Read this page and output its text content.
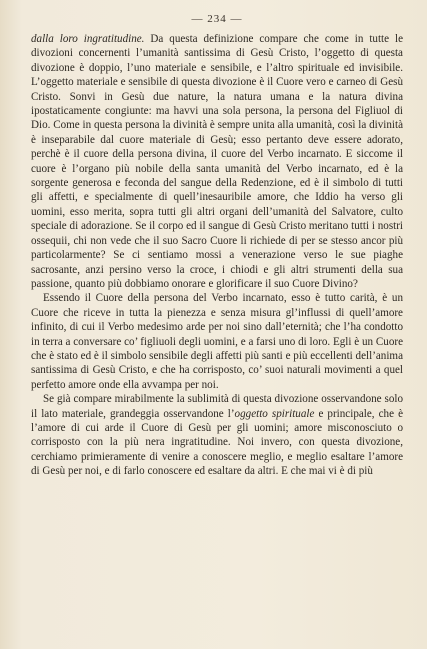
— 234 —

dalla loro ingratitudine. Da questa definizione compare che come in tutte le divozioni concernenti l’umanità santissima di Gesù Cristo, l’oggetto di questa divozione è doppio, l’uno materiale e sensibile, e l’altro spirituale ed invisibile. L’oggetto materiale e sensibile di questa divozione è il Cuore vero e carneo di Gesù Cristo. Sonvi in Gesù due nature, la natura umana e la natura divina ipostaticamente congiunte: ma havvi una sola persona, la persona del Figliuol di Dio. Come in questa persona la divinità è sempre unita alla umanità, così la divinità è inseparabile dal cuore materiale di Gesù; esso pertanto deve essere adorato, perchè è il cuore della persona divina, il cuore del Verbo incarnato. E siccome il cuore è l’organo più nobile della santa umanità del Verbo incarnato, ed è la sorgente generosa e feconda del sangue della Redenzione, ed è il simbolo di tutti gli affetti, e specialmente di quell’inesauribile amore, che Iddio ha verso gli uomini, esso merita, sopra tutti gli altri organi dell’umanità del Salvatore, culto speciale di adorazione. Se il corpo ed il sangue di Gesù Cristo meritano tutti i nostri ossequii, chi non vede che il suo Sacro Cuore li richiede di per se stesso ancor più particolarmente? Se ci sentiamo mossi a venerazione verso le sue piaghe sacrosante, anzi persino verso la croce, i chiodi e gli altri strumenti della sua passione, quanto più dobbiamo onorare e glorificare il suo Cuore Divino?

Essendo il Cuore della persona del Verbo incarnato, esso è tutto carità, è un Cuore che riceve in tutta la pienezza e senza misura gl’influssi di quell’amore infinito, di cui il Verbo medesimo arde per noi sino dall’eternità; che l’ha condotto in terra a conversare co’ figliuoli degli uomini, e a farsi uno di loro. Egli è un Cuore che è stato ed è il simbolo sensibile degli affetti più santi e più eccellenti dell’anima santissima di Gesù Cristo, e che ha corrisposto, co’ suoi naturali movimenti a quel perfetto amore onde ella avvampa per noi.

Se già compare mirabilmente la sublimità di questa divozione osservandone solo il lato materiale, grandeggia osservandone l’oggetto spirituale e principale, che è l’amore di cui arde il Cuore di Gesù per gli uomini; amore misconosciuto o corrisposto con la più nera ingratitudine. Noi invero, con questa divozione, cerchiamo primieramente di venire a conoscere meglio, e meglio esaltare l’amore di Gesù per noi, e di farlo conoscere ed esaltare da altri. E che mai vi è di più
